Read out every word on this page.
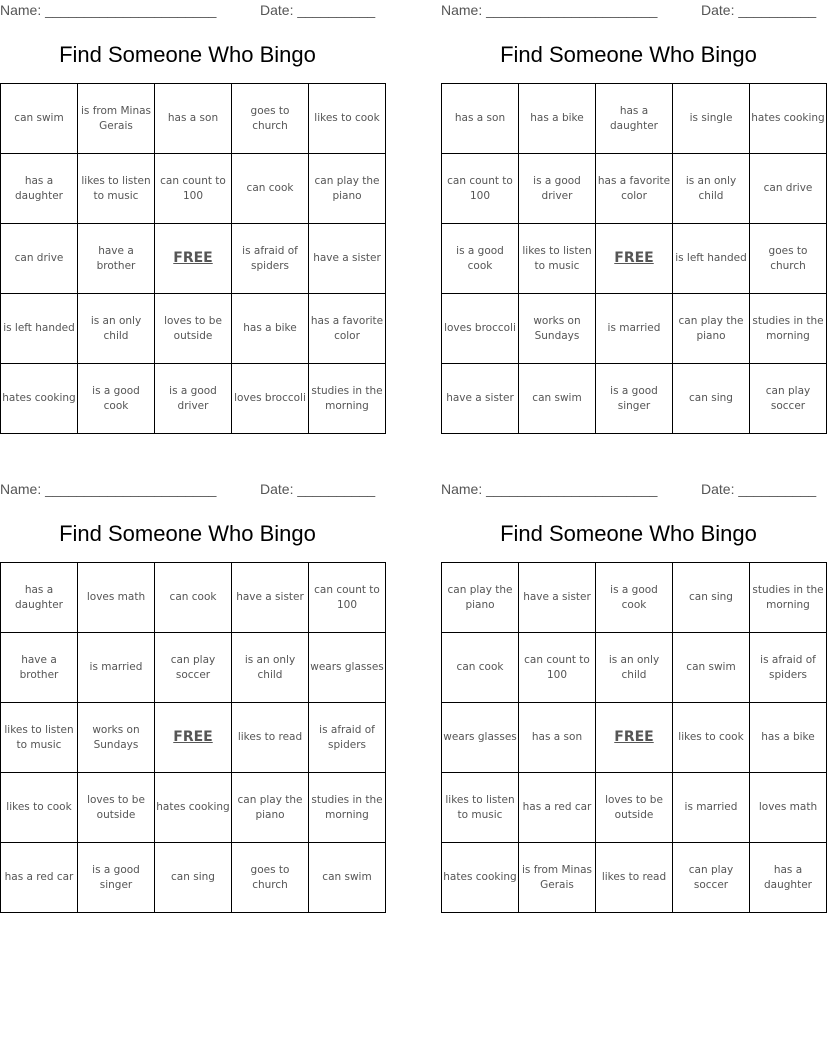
Name: ______________________	Date: __________
Find Someone Who Bingo
can swim	is from Minas Gerais	has a son	goes to church	likes to cook
has a daughter	likes to listen to music	can count to 100	can cook	can play the piano
can drive	have a brother	FREE	is afraid of spiders	have a sister
is left handed	is an only child	loves to be outside	has a bike	has a favorite color
hates cooking	is a good cook	is a good driver	loves broccoli	studies in the morning
Name: ______________________	Date: __________
Find Someone Who Bingo
has a son	has a bike	has a daughter	is single	hates cooking
can count to 100	is a good driver	has a favorite color	is an only child	can drive
is a good cook	likes to listen to music	FREE	is left handed	goes to church
loves broccoli	works on Sundays	is married	can play the piano	studies in the morning
have a sister	can swim	is a good singer	can sing	can play soccer
Name: ______________________	Date: __________
Find Someone Who Bingo
has a daughter	loves math	can cook	have a sister	can count to 100
have a brother	is married	can play soccer	is an only child	wears glasses
likes to listen to music	works on Sundays	FREE	likes to read	is afraid of spiders
likes to cook	loves to be outside	hates cooking	can play the piano	studies in the morning
has a red car	is a good singer	can sing	goes to church	can swim
Name: ______________________	Date: __________
Find Someone Who Bingo
can play the piano	have a sister	is a good cook	can sing	studies in the morning
can cook	can count to 100	is an only child	can swim	is afraid of spiders
wears glasses	has a son	FREE	likes to cook	has a bike
likes to listen to music	has a red car	loves to be outside	is married	loves math
hates cooking	is from Minas Gerais	likes to read	can play soccer	has a daughter
